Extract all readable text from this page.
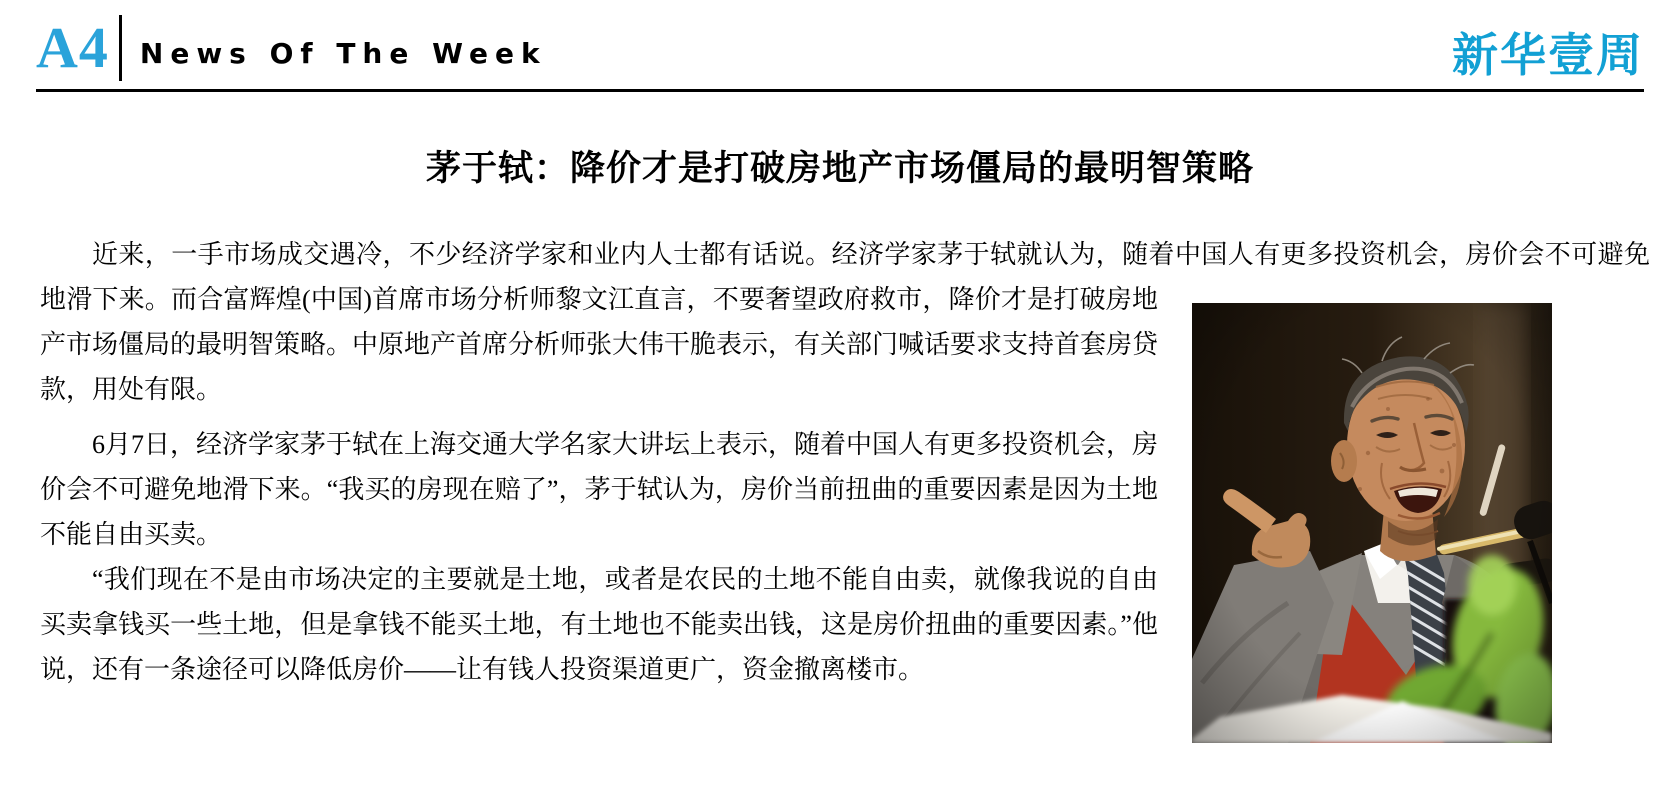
A4 News Of The Week	新华壹周
茅于轼：降价才是打破房地产市场僵局的最明智策略

近来，一手市场成交遇冷，不少经济学家和业内人士都有话说。经济学家茅于轼就认为，随着中国人有更多投资机会，房价会不可避免地滑下来。而合富辉煌(中国)首席市场分析师黎文江直言，不要奢望政府救市，降价才是打破房地产市场僵局的最明智策略。中原地产首席分析师张大伟干脆表示，有关部门喊话要求支持首套房贷款，用处有限。

6月7日，经济学家茅于轼在上海交通大学名家大讲坛上表示，随着中国人有更多投资机会，房价会不可避免地滑下来。“我买的房现在赔了”，茅于轼认为，房价当前扭曲的重要因素是因为土地不能自由买卖。

“我们现在不是由市场决定的主要就是土地，或者是农民的土地不能自由卖，就像我说的自由买卖拿钱买一些土地，但是拿钱不能买土地，有土地也不能卖出钱，这是房价扭曲的重要因素。”他说，还有一条途径可以降低房价——让有钱人投资渠道更广，资金撤离楼市。
